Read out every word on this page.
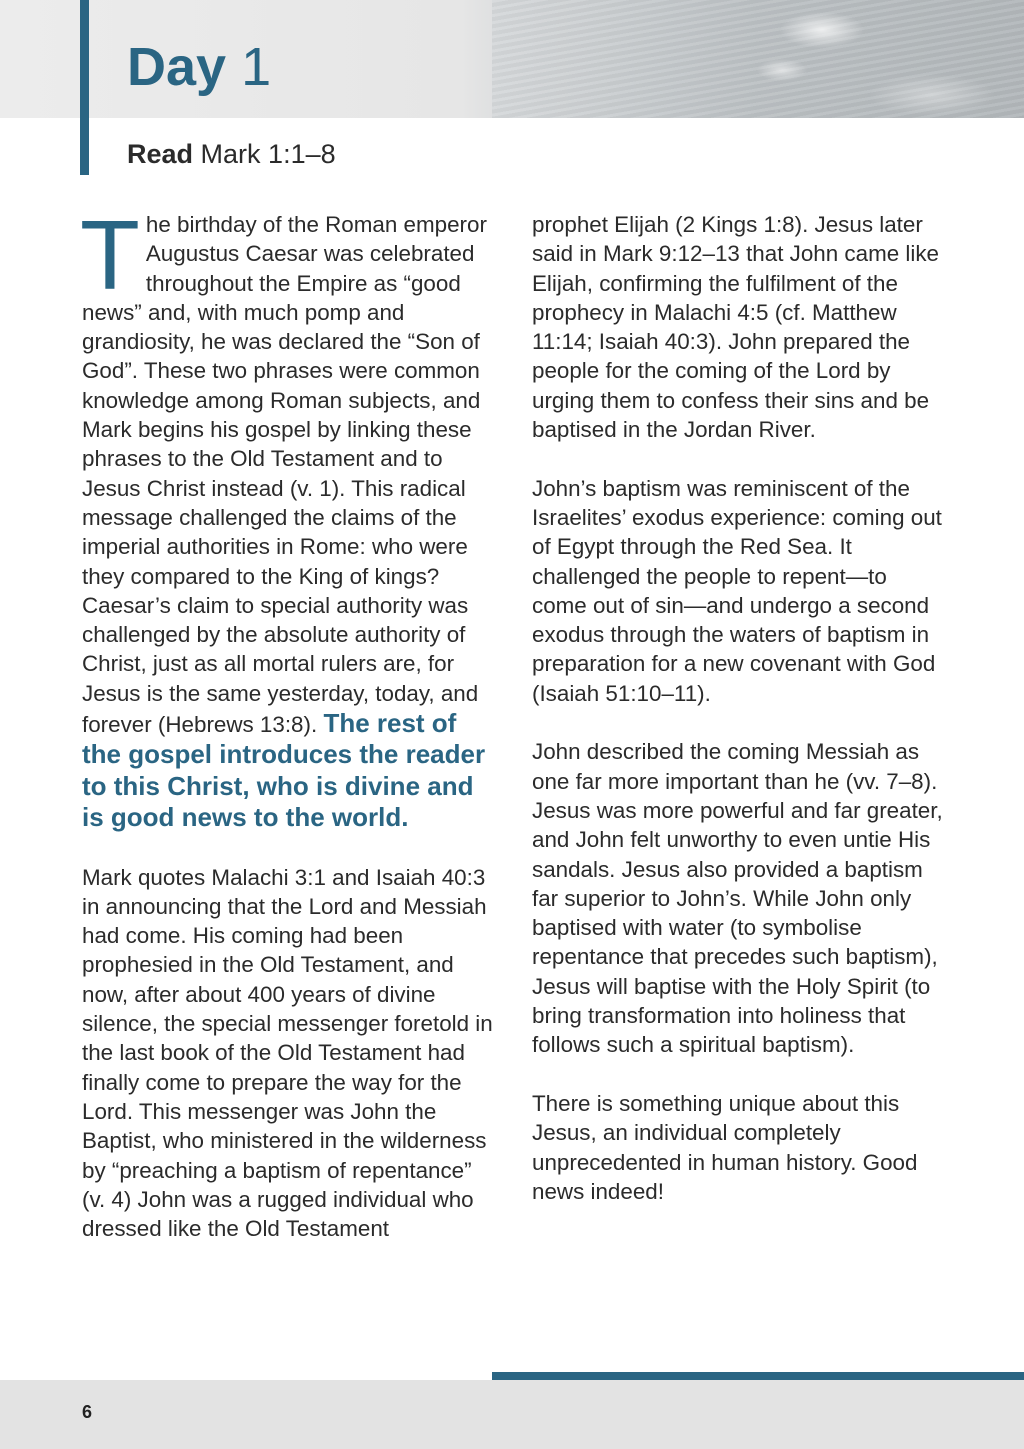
Day 1
Read Mark 1:1–8

The birthday of the Roman emperor Augustus Caesar was celebrated throughout the Empire as “good news” and, with much pomp and grandiosity, he was declared the “Son of God”. These two phrases were common knowledge among Roman subjects, and Mark begins his gospel by linking these phrases to the Old Testament and to Jesus Christ instead (v. 1). This radical message challenged the claims of the imperial authorities in Rome: who were they compared to the King of kings? Caesar’s claim to special authority was challenged by the absolute authority of Christ, just as all mortal rulers are, for Jesus is the same yesterday, today, and forever (Hebrews 13:8). The rest of the gospel introduces the reader to this Christ, who is divine and is good news to the world.

Mark quotes Malachi 3:1 and Isaiah 40:3 in announcing that the Lord and Messiah had come. His coming had been prophesied in the Old Testament, and now, after about 400 years of divine silence, the special messenger foretold in the last book of the Old Testament had finally come to prepare the way for the Lord. This messenger was John the Baptist, who ministered in the wilderness by “preaching a baptism of repentance” (v. 4) John was a rugged individual who dressed like the Old Testament

prophet Elijah (2 Kings 1:8). Jesus later said in Mark 9:12–13 that John came like Elijah, confirming the fulfilment of the prophecy in Malachi 4:5 (cf. Matthew 11:14; Isaiah 40:3). John prepared the people for the coming of the Lord by urging them to confess their sins and be baptised in the Jordan River.

John’s baptism was reminiscent of the Israelites’ exodus experience: coming out of Egypt through the Red Sea. It challenged the people to repent—to come out of sin—and undergo a second exodus through the waters of baptism in preparation for a new covenant with God (Isaiah 51:10–11).

John described the coming Messiah as one far more important than he (vv. 7–8). Jesus was more powerful and far greater, and John felt unworthy to even untie His sandals. Jesus also provided a baptism far superior to John’s. While John only baptised with water (to symbolise repentance that precedes such baptism), Jesus will baptise with the Holy Spirit (to bring transformation into holiness that follows such a spiritual baptism).

There is something unique about this Jesus, an individual completely unprecedented in human history. Good news indeed!

6
